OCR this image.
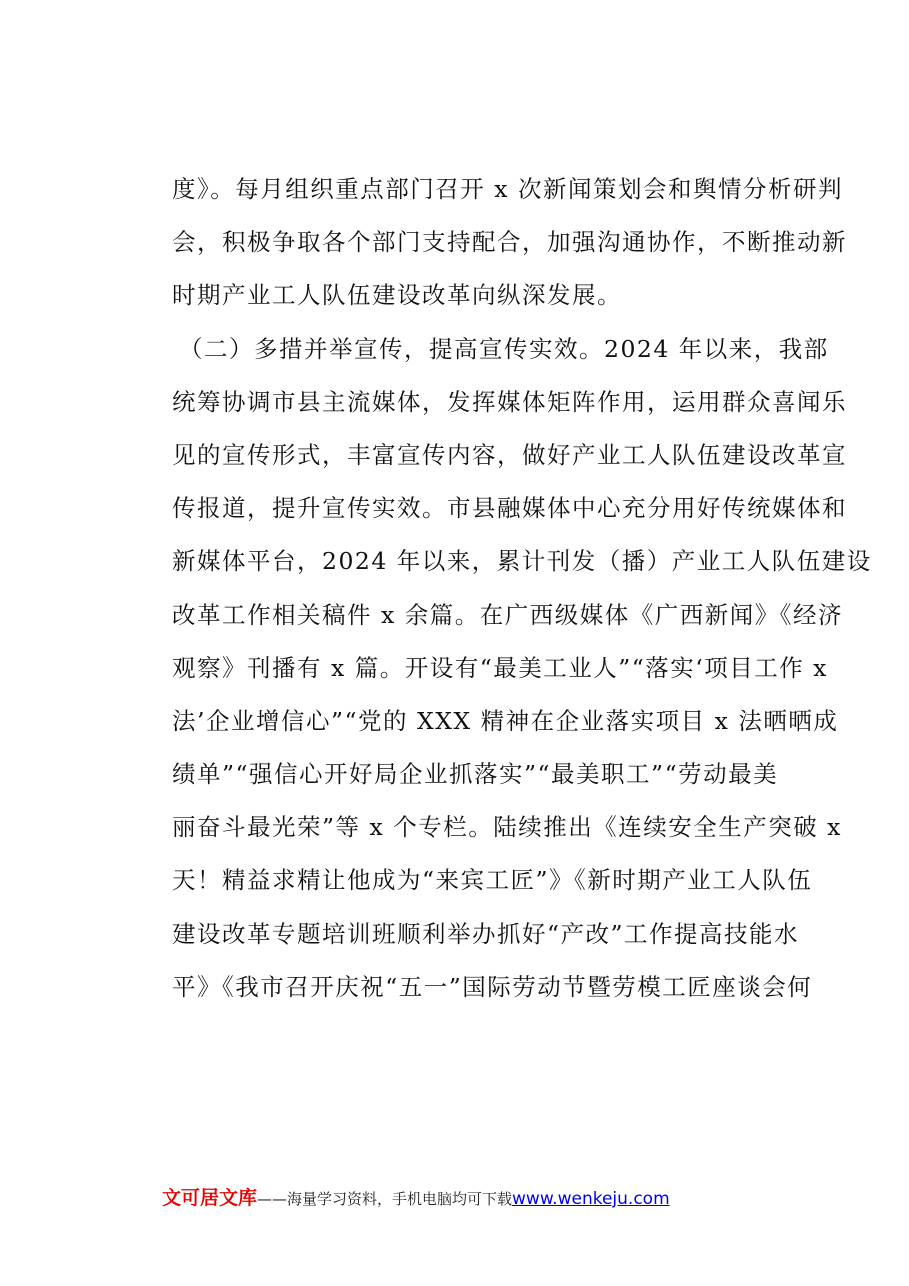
度》。每月组织重点部门召开 x 次新闻策划会和舆情分析研判
会，积极争取各个部门支持配合，加强沟通协作，不断推动新
时期产业工人队伍建设改革向纵深发展。
（二）多措并举宣传，提高宣传实效。2024 年以来，我部
统筹协调市县主流媒体，发挥媒体矩阵作用，运用群众喜闻乐
见的宣传形式，丰富宣传内容，做好产业工人队伍建设改革宣
传报道，提升宣传实效。市县融媒体中心充分用好传统媒体和
新媒体平台，2024 年以来，累计刊发（播）产业工人队伍建设
改革工作相关稿件 x 余篇。在广西级媒体《广西新闻》《经济
观察》刊播有 x 篇。开设有“最美工业人”“落实‘项目工作 x
法’企业增信心”“党的 XXX 精神在企业落实项目 x 法晒晒成
绩单”“强信心开好局企业抓落实”“最美职工”“劳动最美
丽奋斗最光荣”等 x 个专栏。陆续推出《连续安全生产突破 x
天！精益求精让他成为“来宾工匠”》《新时期产业工人队伍
建设改革专题培训班顺利举办抓好“产改”工作提高技能水
平》《我市召开庆祝“五一”国际劳动节暨劳模工匠座谈会何
文可居文库——海量学习资料，手机电脑均可下载www.wenkeju.com
